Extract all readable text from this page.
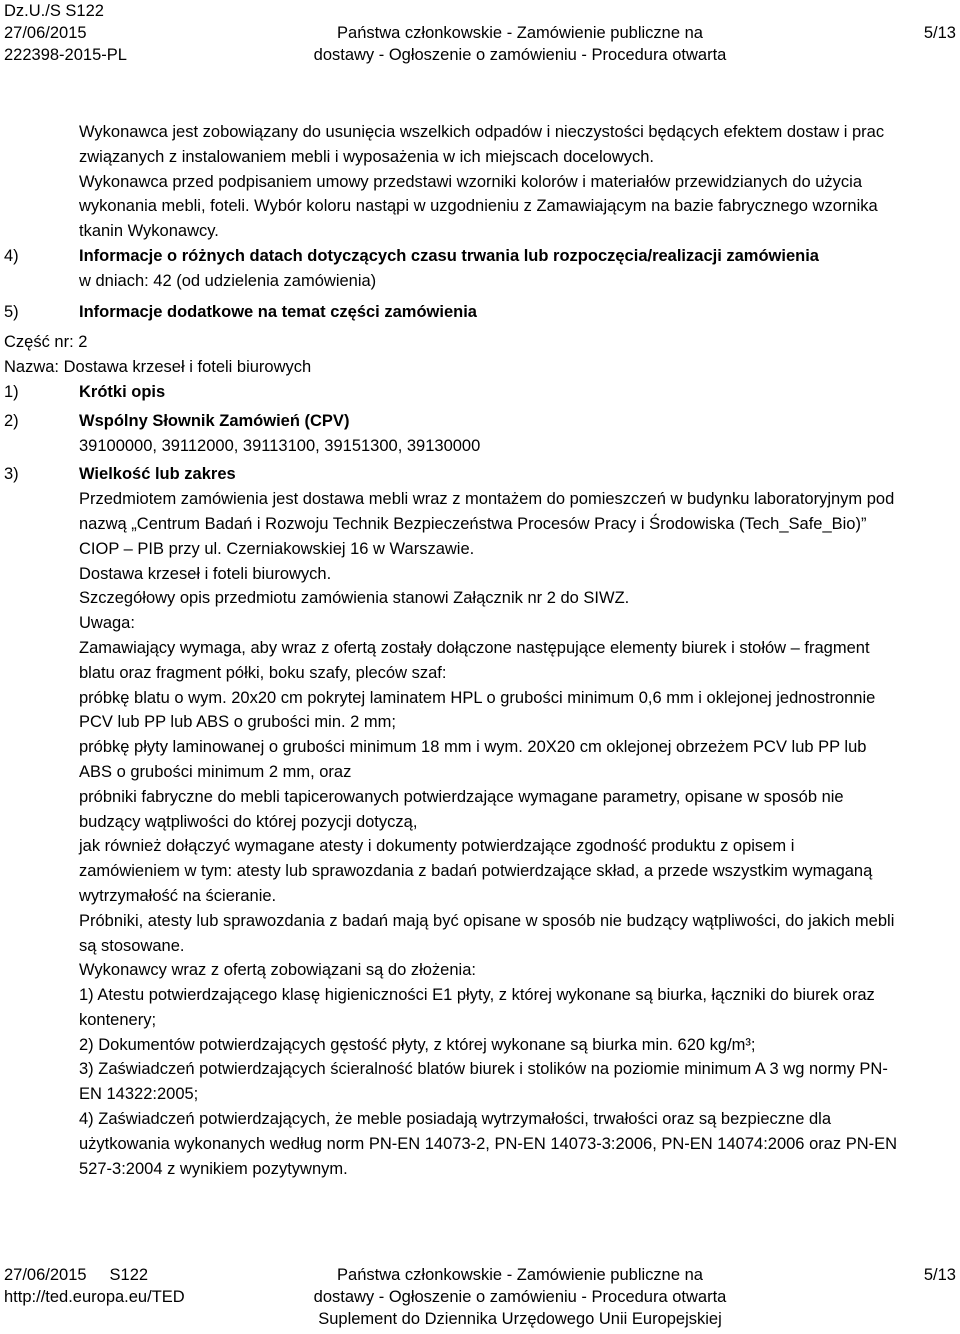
Dz.U./S S122
27/06/2015
222398-2015-PL
Państwa członkowskie - Zamówienie publiczne na
dostawy - Ogłoszenie o zamówieniu - Procedura otwarta
5/13

Wykonawca jest zobowiązany do usunięcia wszelkich odpadów i nieczystości będących efektem dostaw i prac

związanych z instalowaniem mebli i wyposażenia w ich miejscach docelowych.

Wykonawca przed podpisaniem umowy przedstawi wzorniki kolorów i materiałów przewidzianych do użycia

wykonania mebli, foteli. Wybór koloru nastąpi w uzgodnieniu z Zamawiającym na bazie fabrycznego wzornika

tkanin Wykonawcy.

4)	Informacje o różnych datach dotyczących czasu trwania lub rozpoczęcia/realizacji zamówienia

w dniach: 42 (od udzielenia zamówienia)

5)	Informacje dodatkowe na temat części zamówienia

Część nr: 2

Nazwa: Dostawa krzeseł i foteli biurowych

1)	Krótki opis
2)	Wspólny Słownik Zamówień (CPV)

39100000, 39112000, 39113100, 39151300, 39130000

3)	Wielkość lub zakres

Przedmiotem zamówienia jest dostawa mebli wraz z montażem do pomieszczeń w budynku laboratoryjnym pod

nazwą „Centrum Badań i Rozwoju Technik Bezpieczeństwa Procesów Pracy i Środowiska (Tech_Safe_Bio)”

CIOP – PIB przy ul. Czerniakowskiej 16 w Warszawie.

Dostawa krzeseł i foteli biurowych.

Szczegółowy opis przedmiotu zamówienia stanowi Załącznik nr 2 do SIWZ.

Uwaga:

Zamawiający wymaga, aby wraz z ofertą zostały dołączone następujące elementy biurek i stołów – fragment

blatu oraz fragment półki, boku szafy, pleców szaf:

próbkę blatu o wym. 20x20 cm pokrytej laminatem HPL o grubości minimum 0,6 mm i oklejonej jednostronnie

PCV lub PP lub ABS o grubości min. 2 mm;

próbkę płyty laminowanej o grubości minimum 18 mm i wym. 20X20 cm oklejonej obrzeżem PCV lub PP lub

ABS o grubości minimum 2 mm, oraz

próbniki fabryczne do mebli tapicerowanych potwierdzające wymagane parametry, opisane w sposób nie

budzący wątpliwości do której pozycji dotyczą,

jak również dołączyć wymagane atesty i dokumenty potwierdzające zgodność produktu z opisem i

zamówieniem w tym: atesty lub sprawozdania z badań potwierdzające skład, a przede wszystkim wymaganą

wytrzymałość na ścieranie.

Próbniki, atesty lub sprawozdania z badań mają być opisane w sposób nie budzący wątpliwości, do jakich mebli

są stosowane.

Wykonawcy wraz z ofertą zobowiązani są do złożenia:

1) Atestu potwierdzającego klasę higieniczności E1 płyty, z której wykonane są biurka, łączniki do biurek oraz

kontenery;

2) Dokumentów potwierdzających gęstość płyty, z której wykonane są biurka min. 620 kg/m³;

3) Zaświadczeń potwierdzających ścieralność blatów biurek i stolików na poziomie minimum A 3 wg normy PN-

EN 14322:2005;

4) Zaświadczeń potwierdzających, że meble posiadają wytrzymałości, trwałości oraz są bezpieczne dla

użytkowania wykonanych według norm PN-EN 14073-2, PN-EN 14073-3:2006, PN-EN 14074:2006 oraz PN-EN

527-3:2004 z wynikiem pozytywnym.

27/06/2015 S122
http://ted.europa.eu/TED
Państwa członkowskie - Zamówienie publiczne na
dostawy - Ogłoszenie o zamówieniu - Procedura otwarta
Suplement do Dziennika Urzędowego Unii Europejskiej
5/13
